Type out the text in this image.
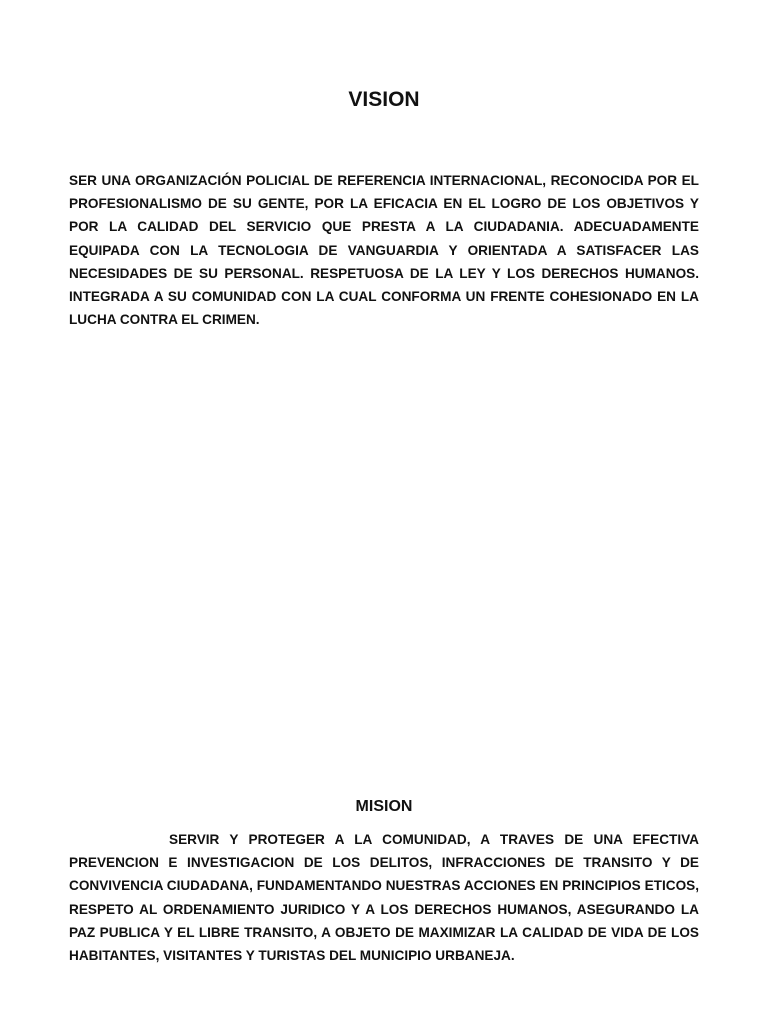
VISION

SER UNA ORGANIZACIÓN POLICIAL DE REFERENCIA INTERNACIONAL, RECONOCIDA POR EL PROFESIONALISMO DE SU GENTE, POR LA EFICACIA EN EL LOGRO DE LOS OBJETIVOS Y POR LA CALIDAD DEL SERVICIO QUE PRESTA A LA CIUDADANIA. ADECUADAMENTE EQUIPADA CON LA TECNOLOGIA DE VANGUARDIA Y ORIENTADA A SATISFACER LAS NECESIDADES DE SU PERSONAL. RESPETUOSA DE LA LEY Y LOS DERECHOS HUMANOS. INTEGRADA A SU COMUNIDAD CON LA CUAL CONFORMA UN FRENTE COHESIONADO EN LA LUCHA CONTRA EL CRIMEN.

MISION

SERVIR Y PROTEGER A LA COMUNIDAD, A TRAVES DE UNA EFECTIVA PREVENCION E INVESTIGACION DE LOS DELITOS, INFRACCIONES DE TRANSITO Y DE CONVIVENCIA CIUDADANA, FUNDAMENTANDO NUESTRAS ACCIONES EN PRINCIPIOS ETICOS, RESPETO AL ORDENAMIENTO JURIDICO Y A LOS DERECHOS HUMANOS, ASEGURANDO LA PAZ PUBLICA Y EL LIBRE TRANSITO, A OBJETO DE MAXIMIZAR LA CALIDAD DE VIDA DE LOS HABITANTES, VISITANTES Y TURISTAS DEL MUNICIPIO URBANEJA.
